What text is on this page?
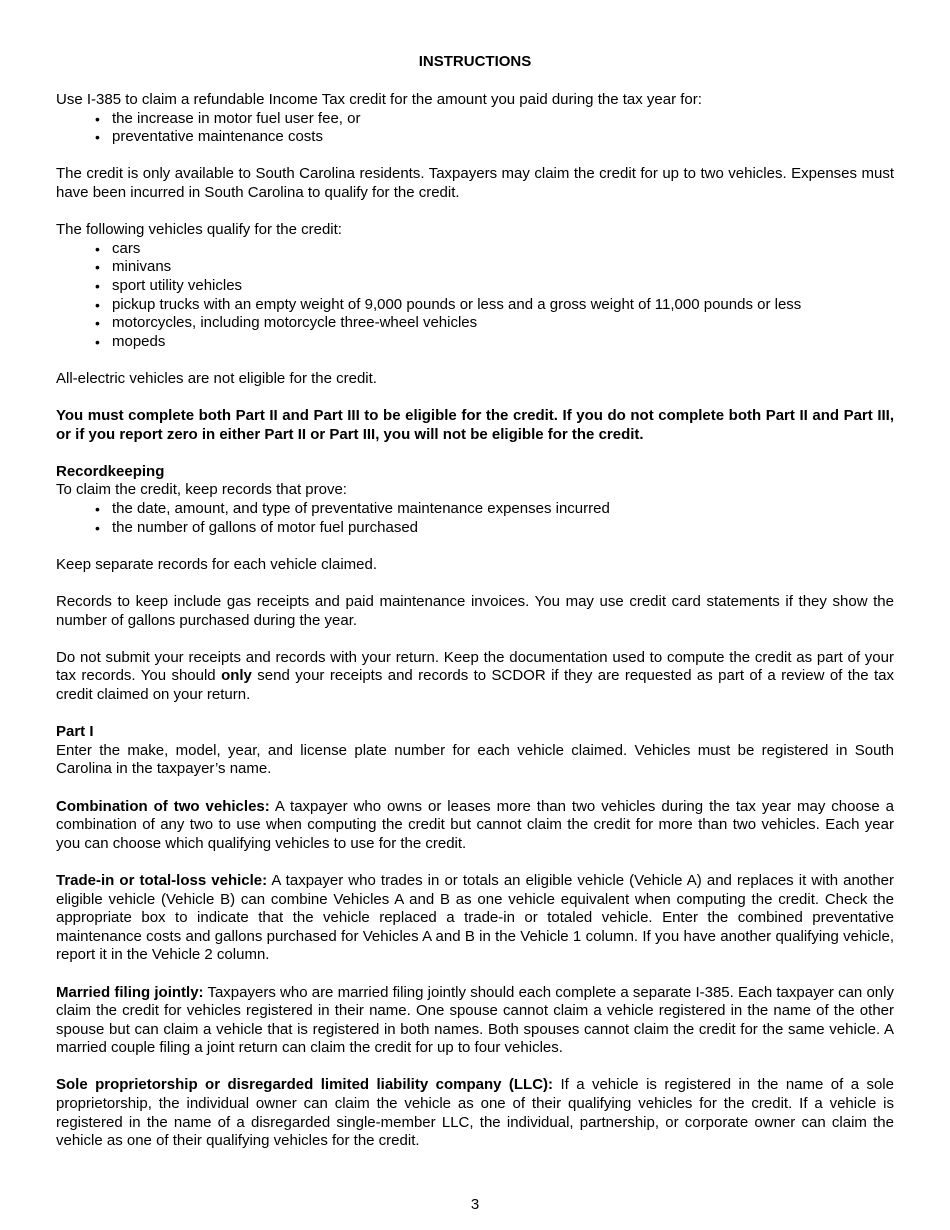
INSTRUCTIONS

Use I-385 to claim a refundable Income Tax credit for the amount you paid during the tax year for:

• the increase in motor fuel user fee, or
• preventative maintenance costs

The credit is only available to South Carolina residents. Taxpayers may claim the credit for up to two vehicles. Expenses must have been incurred in South Carolina to qualify for the credit.

The following vehicles qualify for the credit:

• cars
• minivans
• sport utility vehicles
• pickup trucks with an empty weight of 9,000 pounds or less and a gross weight of 11,000 pounds or less
• motorcycles, including motorcycle three-wheel vehicles
• mopeds

All-electric vehicles are not eligible for the credit.

You must complete both Part II and Part III to be eligible for the credit. If you do not complete both Part II and Part III, or if you report zero in either Part II or Part III, you will not be eligible for the credit.

Recordkeeping

To claim the credit, keep records that prove:

• the date, amount, and type of preventative maintenance expenses incurred
• the number of gallons of motor fuel purchased

Keep separate records for each vehicle claimed.

Records to keep include gas receipts and paid maintenance invoices. You may use credit card statements if they show the number of gallons purchased during the year.

Do not submit your receipts and records with your return. Keep the documentation used to compute the credit as part of your tax records. You should only send your receipts and records to SCDOR if they are requested as part of a review of the tax credit claimed on your return.

Part I

Enter the make, model, year, and license plate number for each vehicle claimed. Vehicles must be registered in South Carolina in the taxpayer’s name.

Combination of two vehicles: A taxpayer who owns or leases more than two vehicles during the tax year may choose a combination of any two to use when computing the credit but cannot claim the credit for more than two vehicles. Each year you can choose which qualifying vehicles to use for the credit.

Trade-in or total-loss vehicle: A taxpayer who trades in or totals an eligible vehicle (Vehicle A) and replaces it with another eligible vehicle (Vehicle B) can combine Vehicles A and B as one vehicle equivalent when computing the credit. Check the appropriate box to indicate that the vehicle replaced a trade-in or totaled vehicle. Enter the combined preventative maintenance costs and gallons purchased for Vehicles A and B in the Vehicle 1 column. If you have another qualifying vehicle, report it in the Vehicle 2 column.

Married filing jointly: Taxpayers who are married filing jointly should each complete a separate I-385. Each taxpayer can only claim the credit for vehicles registered in their name. One spouse cannot claim a vehicle registered in the name of the other spouse but can claim a vehicle that is registered in both names. Both spouses cannot claim the credit for the same vehicle. A married couple filing a joint return can claim the credit for up to four vehicles.

Sole proprietorship or disregarded limited liability company (LLC): If a vehicle is registered in the name of a sole proprietorship, the individual owner can claim the vehicle as one of their qualifying vehicles for the credit. If a vehicle is registered in the name of a disregarded single-member LLC, the individual, partnership, or corporate owner can claim the vehicle as one of their qualifying vehicles for the credit.

3
